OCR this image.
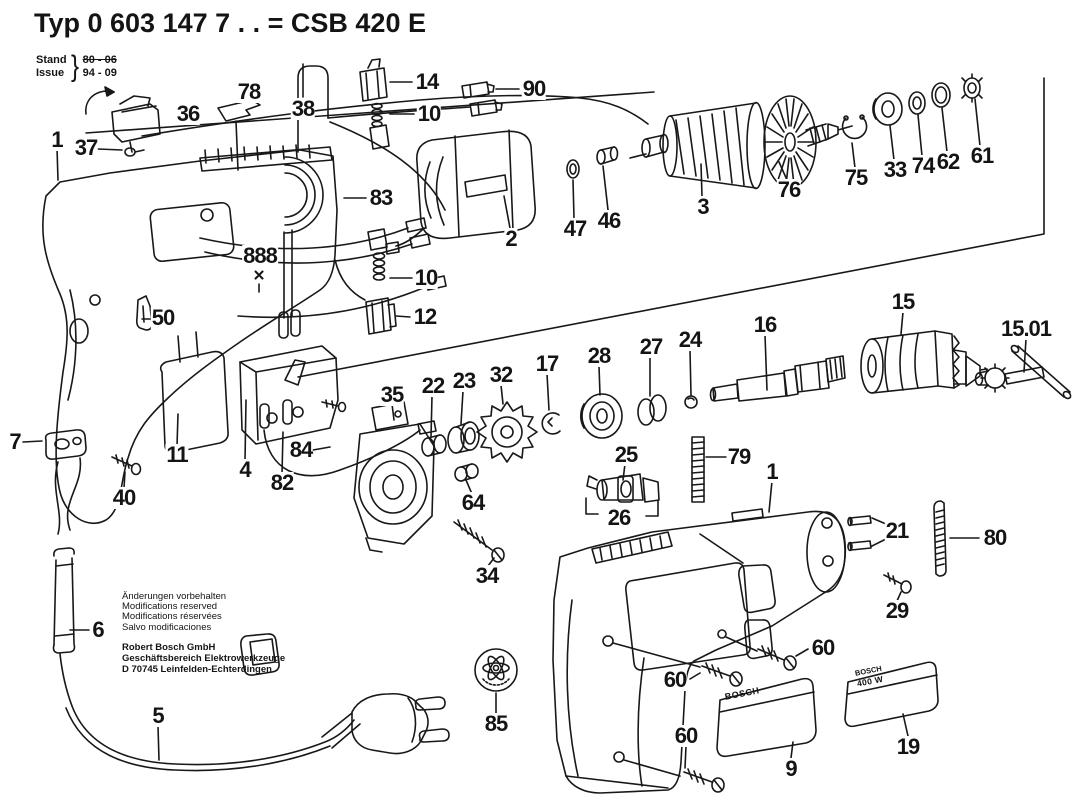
Typ 0 603 147 7 . . = CSB 420 E
Stand
Issue } 80 - 06
94 - 09
1 37
36
78
38
14	90
10
83
2 47 46
3
76 75 33 74 62 61
888
✕	10
12
50
11
4
82
84
35 22 23 32 17 28 27 24
16
15
15.01
7
40
25
26
79
64
34
1
21	80
29
6
60
60
60
85
5
9
19
BOSCH
BOSCH
400 W
Änderungen vorbehalten
Modifications reserved
Modifications réservées
Salvo modificaciones
Robert Bosch GmbH
Geschäftsbereich Elektrowerkzeuge
D 70745 Leinfelden-Echterdingen
